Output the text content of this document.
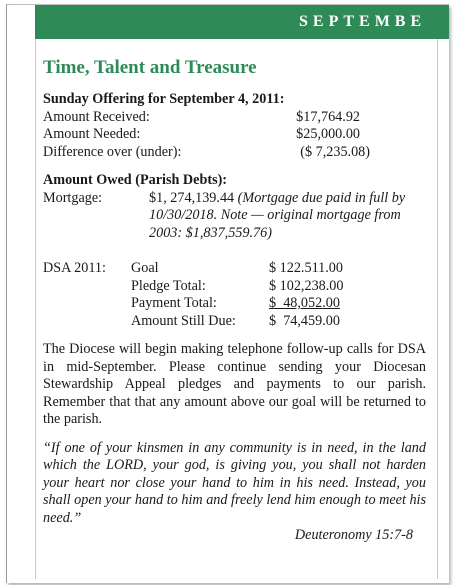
SEPTEMBE
Time, Talent and Treasure
Sunday Offering for September 4, 2011:
Amount Received:	$17,764.92
Amount Needed:	$25,000.00
Difference over (under):	($ 7,235.08)
Amount Owed (Parish Debts):
Mortgage:	$1, 274,139.44 (Mortgage due paid in full by 10/30/2018. Note — original mortgage from 2003: $1,837,559.76)
DSA 2011:	Goal	$ 122.511.00
Pledge Total:	$ 102,238.00
Payment Total:	$  48,052.00
Amount Still Due:	$  74,459.00
The Diocese will begin making telephone follow-up calls for DSA in mid-September. Please continue sending your Diocesan Stewardship Appeal pledges and payments to our parish. Remember that that any amount above our goal will be returned to the parish.
“If one of your kinsmen in any community is in need, in the land which the LORD, your god, is giving you, you shall not harden your heart nor close your hand to him in his need. Instead, you shall open your hand to him and freely lend him enough to meet his need.”
Deuteronomy 15:7-8
